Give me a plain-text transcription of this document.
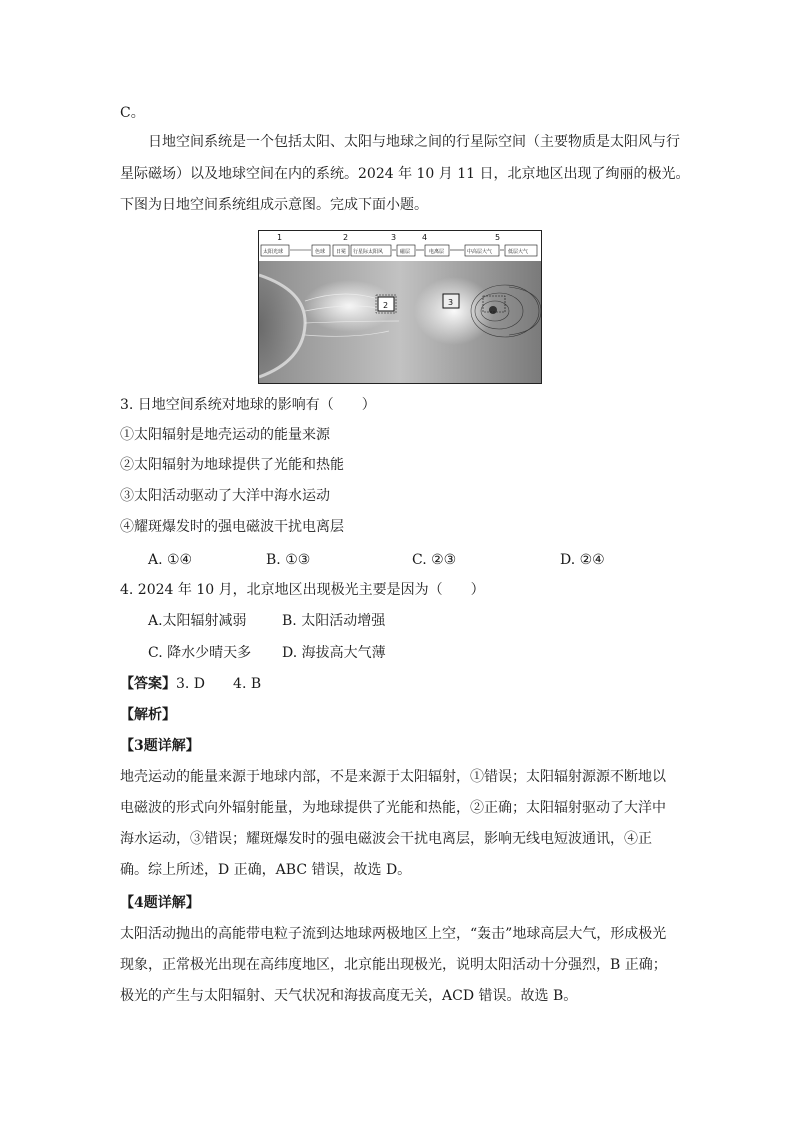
C。
日地空间系统是一个包括太阳、太阳与地球之间的行星际空间（主要物质是太阳风与行
星际磁场）以及地球空间在内的系统。2024 年 10 月 11 日，北京地区出现了绚丽的极光。
下图为日地空间系统组成示意图。完成下面小题。
1	2	3	4	5
太阳光球	色球 日冕 行星际太阳风	磁层	电离层	中高层大气	低层大气
2	3
3. 日地空间系统对地球的影响有（　　）
①太阳辐射是地壳运动的能量来源
②太阳辐射为地球提供了光能和热能
③太阳活动驱动了大洋中海水运动
④耀斑爆发时的强电磁波干扰电离层
A. ①④	B. ①③	C. ②③	D. ②④
4. 2024 年 10 月，北京地区出现极光主要是因为（　　）
A.太阳辐射减弱	B. 太阳活动增强
C. 降水少晴天多 D. 海拔高大气薄
【答案】3. D　　4. B
【解析】
【3题详解】
地壳运动的能量来源于地球内部，不是来源于太阳辐射，①错误；太阳辐射源源不断地以
电磁波的形式向外辐射能量，为地球提供了光能和热能，②正确；太阳辐射驱动了大洋中
海水运动，③错误；耀斑爆发时的强电磁波会干扰电离层，影响无线电短波通讯，④正
确。综上所述，D 正确，ABC 错误，故选 D。
【4题详解】
太阳活动抛出的高能带电粒子流到达地球两极地区上空，“轰击”地球高层大气，形成极光
现象，正常极光出现在高纬度地区，北京能出现极光，说明太阳活动十分强烈，B 正确；
极光的产生与太阳辐射、天气状况和海拔高度无关，ACD 错误。故选 B。
